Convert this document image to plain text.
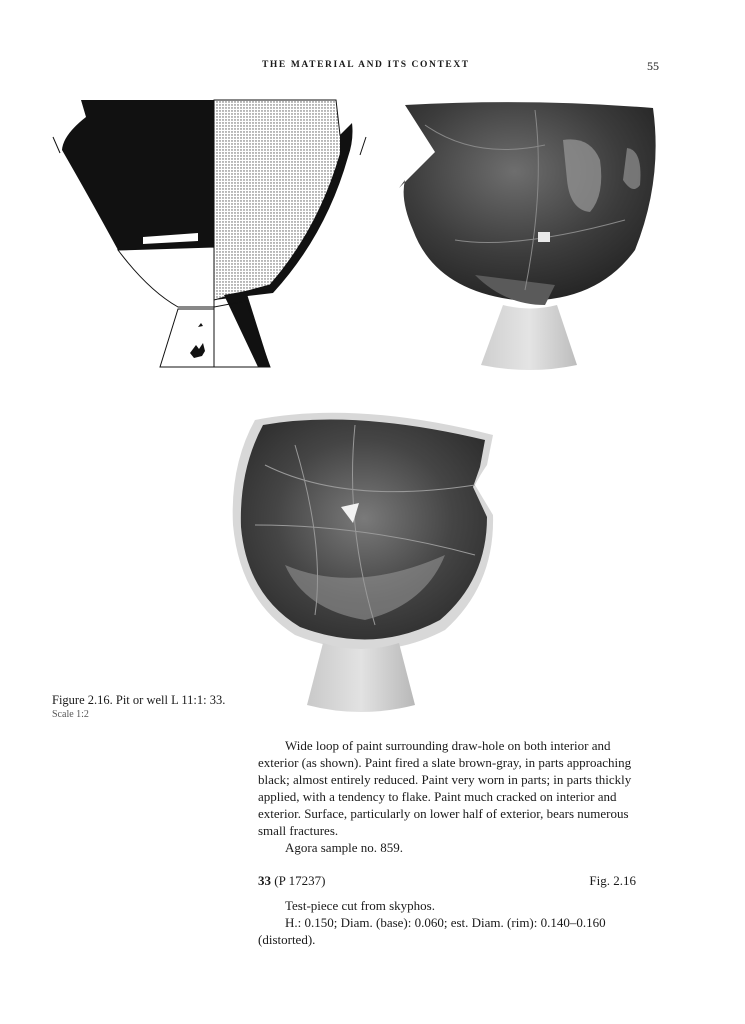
THE MATERIAL AND ITS CONTEXT	55
Figure 2.16. Pit or well L 11:1: 33.
Scale 1:2

Wide loop of paint surrounding draw-hole on both interior and exterior (as shown). Paint fired a slate brown-gray, in parts approaching black; almost entirely reduced. Paint very worn in parts; in parts thickly applied, with a tendency to flake. Paint much cracked on interior and exterior. Surface, particularly on lower half of exterior, bears numerous small fractures.

Agora sample no. 859.

33 (P 17237)	Fig. 2.16

Test-piece cut from skyphos.

H.: 0.150; Diam. (base): 0.060; est. Diam. (rim): 0.140–0.160 (distorted).
